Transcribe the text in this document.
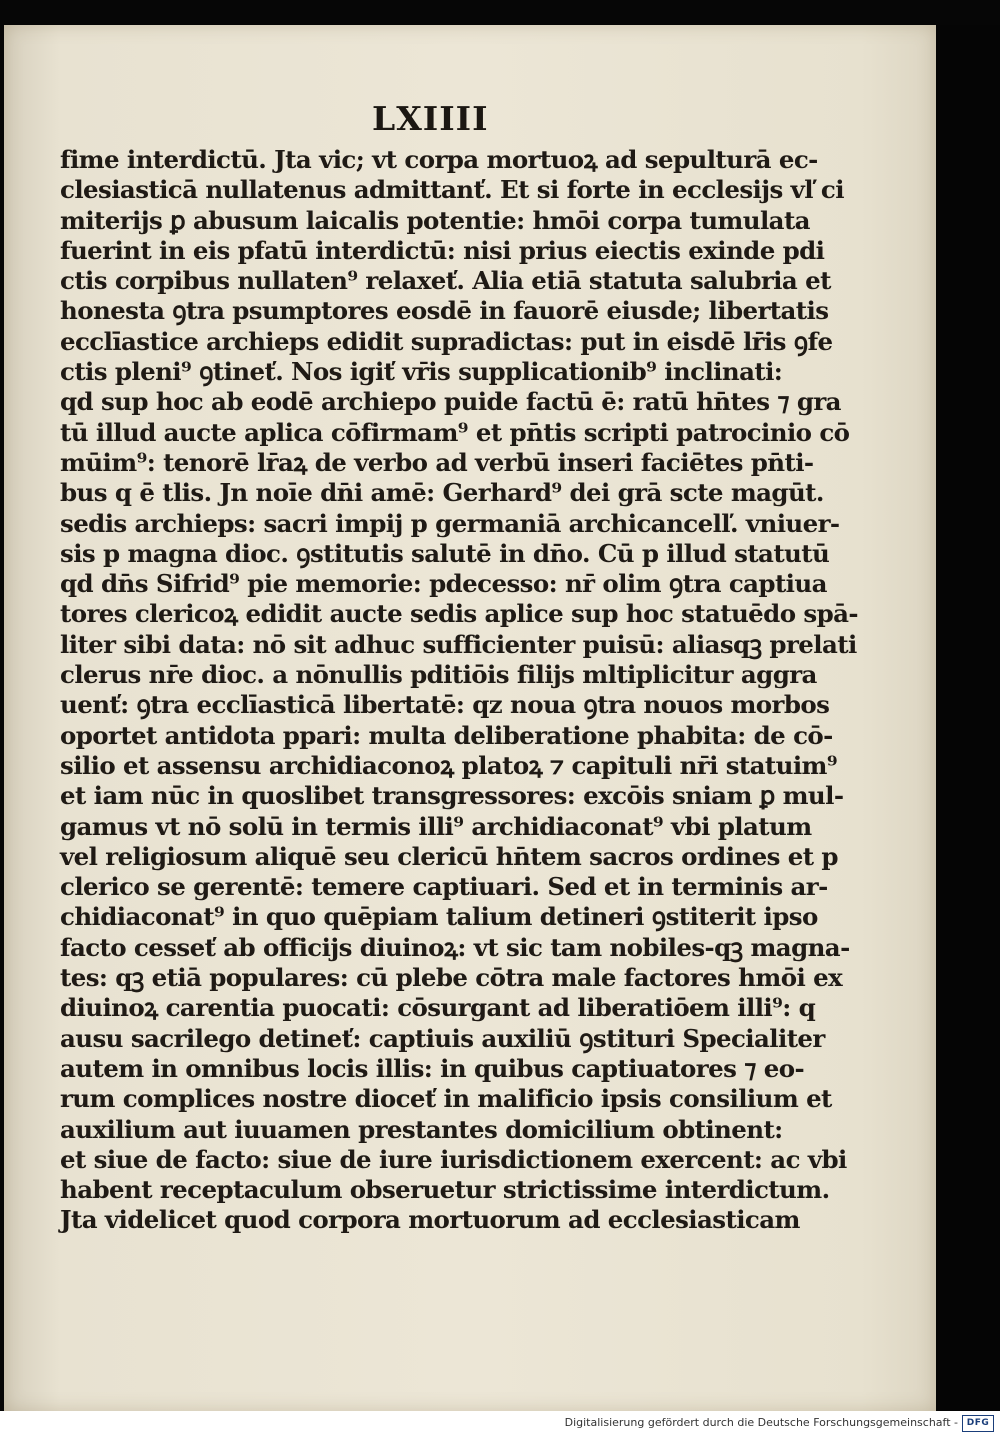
LXIIII
fime interdictū. Jta vic; vt corpa mortuoꝝ ad sepulturā ec-
clesiasticā nullatenus admittanť. Et si forte in ecclesijs vľ ci
miterijs ꝑ abusum laicalis potentie: hmōi corpa tumulata
fuerint in eis pfatū interdictū: nisi prius eiectis exinde pdi
ctis corpibus nullaten⁹ relaxeť. Alia etiā statuta salubria et
honesta ꝯtra psumptores eosdē in fauorē eiusde; libertatis
ecclīastice archieps edidit supradictas: put in eisdē lr̄is ꝯfe
ctis pleni⁹ ꝯtineť. Nos igiť vr̄is supplicationib⁹ inclinati:
qd sup hoc ab eodē archiepo puide factū ē: ratū hn̄tes ⁊ gra
tū illud aucte aplica cōfirmam⁹ et pn̄tis scripti patrocinio cō
mūim⁹: tenorē lr̄aꝝ de verbo ad verbū inseri faciētes pn̄ti-
bus q ē tlis. Jn noīe dn̄i amē: Gerhard⁹ dei grā scte magūt.
sedis archieps: sacri impij p germaniā archicancelľ. vniuer-
sis p magna dioc. ꝯstitutis salutē in dn̄o. Cū p illud statutū
qd dn̄s Sifrid⁹ pie memorie: pdecesso: nr̄ olim ꝯtra captiua
tores clericoꝝ edidit aucte sedis aplice sup hoc statuēdo spā-
liter sibi data: nō sit adhuc sufficienter puisū: aliasqꝫ prelati
clerus nr̄e dioc. a nōnullis pditiōis filijs mltiplicitur aggra
uenť: ꝯtra ecclīasticā libertatē: qz noua ꝯtra nouos morbos
oportet antidota ppari: multa deliberatione phabita: de cō-
silio et assensu archidiaconoꝝ platoꝝ ⁊ capituli nr̄i statuim⁹
et iam nūc in quoslibet transgressores: excōis sniam ꝑ mul-
gamus vt nō solū in termis illi⁹ archidiaconat⁹ vbi platum
vel religiosum aliquē seu clericū hn̄tem sacros ordines et p
clerico se gerentē: temere captiuari. Sed et in terminis ar-
chidiaconat⁹ in quo quēpiam talium detineri ꝯstiterit ipso
facto cesseť ab officijs diuinoꝝ: vt sic tam nobiles-qꝫ magna-
tes: qꝫ etiā populares: cū plebe cōtra male factores hmōi ex
diuinoꝝ carentia puocati: cōsurgant ad liberatiōem illi⁹: q
ausu sacrilego detineť: captiuis auxiliū ꝯstituri Specialiter
autem in omnibus locis illis: in quibus captiuatores ⁊ eo-
rum complices nostre dioceť in malificio ipsis consilium et
auxilium aut iuuamen prestantes domicilium obtinent:
et siue de facto: siue de iure iurisdictionem exercent: ac vbi
habent receptaculum obseruetur strictissime interdictum.
Jta videlicet quod corpora mortuorum ad ecclesiasticam
Digitalisierung gefördert durch die Deutsche Forschungsgemeinschaft - DFG
